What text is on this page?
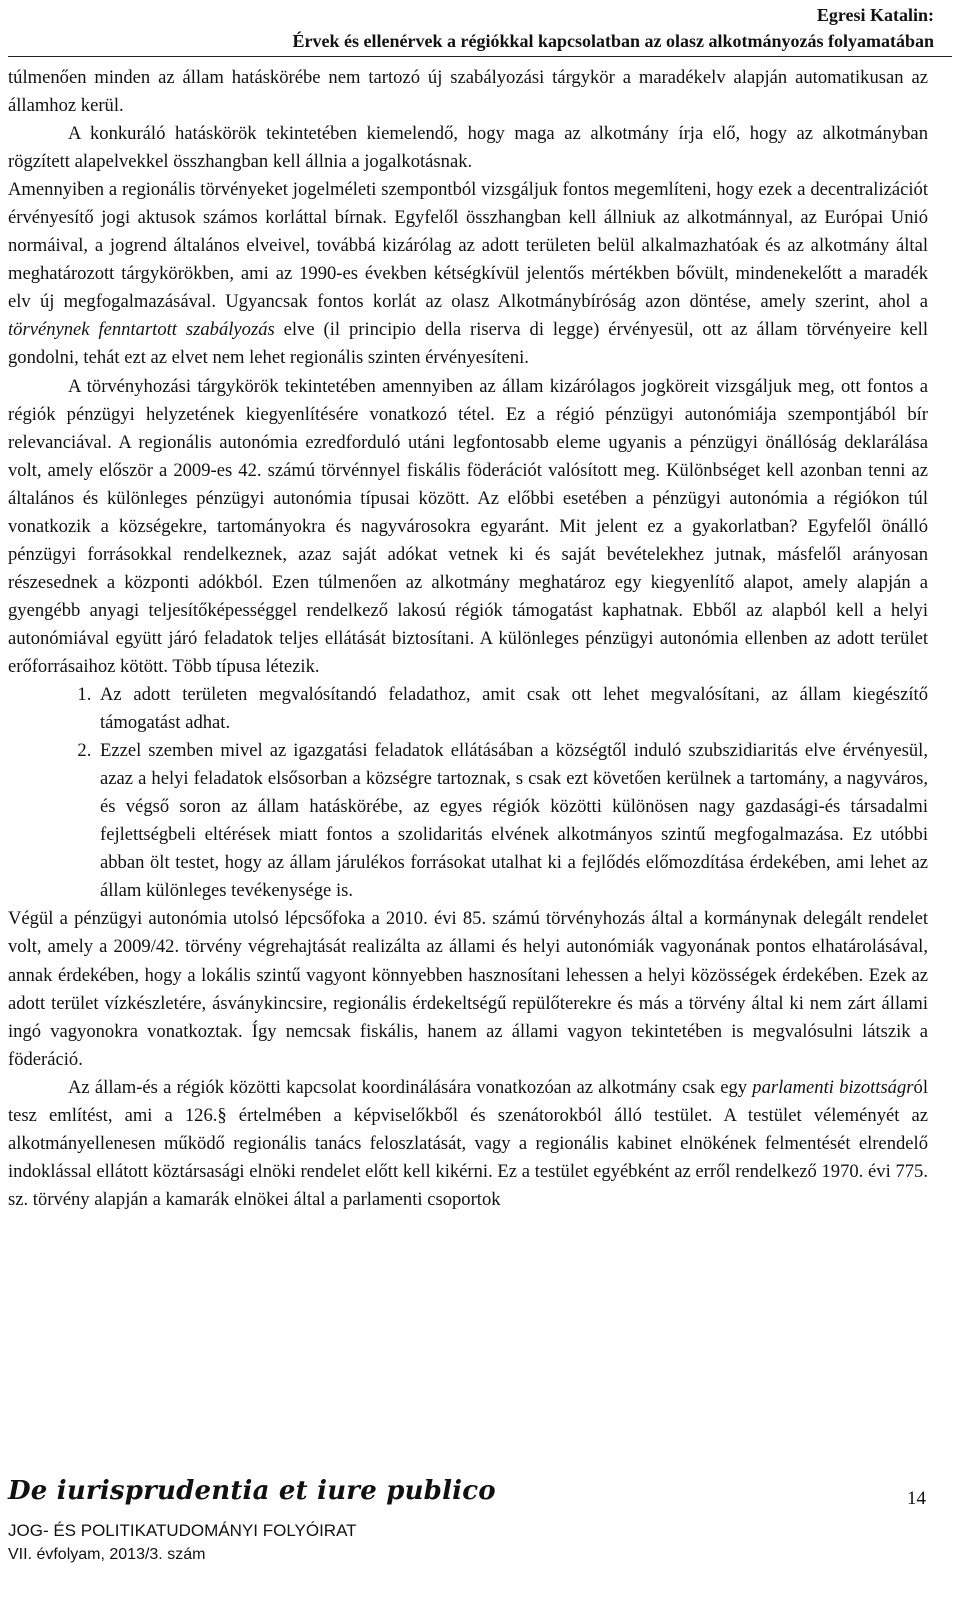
Egresi Katalin:
Érvek és ellenérvek a régiókkal kapcsolatban az olasz alkotmányozás folyamatában

túlmenően minden az állam hatáskörébe nem tartozó új szabályozási tárgykör a maradékelv alapján automatikusan az államhoz kerül.

A konkuráló hatáskörök tekintetében kiemelendő, hogy maga az alkotmány írja elő, hogy az alkotmányban rögzített alapelvekkel összhangban kell állnia a jogalkotásnak.

Amennyiben a regionális törvényeket jogelméleti szempontból vizsgáljuk fontos megemlíteni, hogy ezek a decentralizációt érvényesítő jogi aktusok számos korláttal bírnak. Egyfelől összhangban kell állniuk az alkotmánnyal, az Európai Unió normáival, a jogrend általános elveivel, továbbá kizárólag az adott területen belül alkalmazhatóak és az alkotmány által meghatározott tárgykörökben, ami az 1990-es években kétségkívül jelentős mértékben bővült, mindenekelőtt a maradék elv új megfogalmazásával. Ugyancsak fontos korlát az olasz Alkotmánybíróság azon döntése, amely szerint, ahol a törvénynek fenntartott szabályozás elve (il principio della riserva di legge) érvényesül, ott az állam törvényeire kell gondolni, tehát ezt az elvet nem lehet regionális szinten érvényesíteni.

A törvényhozási tárgykörök tekintetében amennyiben az állam kizárólagos jogköreit vizsgáljuk meg, ott fontos a régiók pénzügyi helyzetének kiegyenlítésére vonatkozó tétel. Ez a régió pénzügyi autonómiája szempontjából bír relevanciával. A regionális autonómia ezredforduló utáni legfontosabb eleme ugyanis a pénzügyi önállóság deklarálása volt, amely először a 2009-es 42. számú törvénnyel fiskális föderációt valósított meg. Különbséget kell azonban tenni az általános és különleges pénzügyi autonómia típusai között. Az előbbi esetében a pénzügyi autonómia a régiókon túl vonatkozik a községekre, tartományokra és nagyvárosokra egyaránt. Mit jelent ez a gyakorlatban? Egyfelől önálló pénzügyi forrásokkal rendelkeznek, azaz saját adókat vetnek ki és saját bevételekhez jutnak, másfelől arányosan részesednek a központi adókból. Ezen túlmenően az alkotmány meghatároz egy kiegyenlítő alapot, amely alapján a gyengébb anyagi teljesítőképességgel rendelkező lakosú régiók támogatást kaphatnak. Ebből az alapból kell a helyi autonómiával együtt járó feladatok teljes ellátását biztosítani. A különleges pénzügyi autonómia ellenben az adott terület erőforrásaihoz kötött. Több típusa létezik.

1. Az adott területen megvalósítandó feladathoz, amit csak ott lehet megvalósítani, az állam kiegészítő támogatást adhat.
2. Ezzel szemben mivel az igazgatási feladatok ellátásában a községtől induló szubszidiaritás elve érvényesül, azaz a helyi feladatok elsősorban a községre tartoznak, s csak ezt követően kerülnek a tartomány, a nagyváros, és végső soron az állam hatáskörébe, az egyes régiók közötti különösen nagy gazdasági-és társadalmi fejlettségbeli eltérések miatt fontos a szolidaritás elvének alkotmányos szintű megfogalmazása. Ez utóbbi abban ölt testet, hogy az állam járulékos forrásokat utalhat ki a fejlődés előmozdítása érdekében, ami lehet az állam különleges tevékenysége is.

Végül a pénzügyi autonómia utolsó lépcsőfoka a 2010. évi 85. számú törvényhozás által a kormánynak delegált rendelet volt, amely a 2009/42. törvény végrehajtását realizálta az állami és helyi autonómiák vagyonának pontos elhatárolásával, annak érdekében, hogy a lokális szintű vagyont könnyebben hasznosítani lehessen a helyi közösségek érdekében. Ezek az adott terület vízkészletére, ásványkincsire, regionális érdekeltségű repülőterekre és más a törvény által ki nem zárt állami ingó vagyonokra vonatkoztak. Így nemcsak fiskális, hanem az állami vagyon tekintetében is megvalósulni látszik a föderáció.

Az állam-és a régiók közötti kapcsolat koordinálására vonatkozóan az alkotmány csak egy parlamenti bizottságról tesz említést, ami a 126.§ értelmében a képviselőkből és szenátorokból álló testület. A testület véleményét az alkotmányellenesen működő regionális tanács feloszlatását, vagy a regionális kabinet elnökének felmentését elrendelő indoklással ellátott köztársasági elnöki rendelet előtt kell kikérni. Ez a testület egyébként az erről rendelkező 1970. évi 775. sz. törvény alapján a kamarák elnökei által a parlamenti csoportok

De iurisprudentia et iure publico
JOG- ÉS POLITIKATUDOMÁNYI FOLYÓIRAT
VII. évfolyam, 2013/3. szám
14
